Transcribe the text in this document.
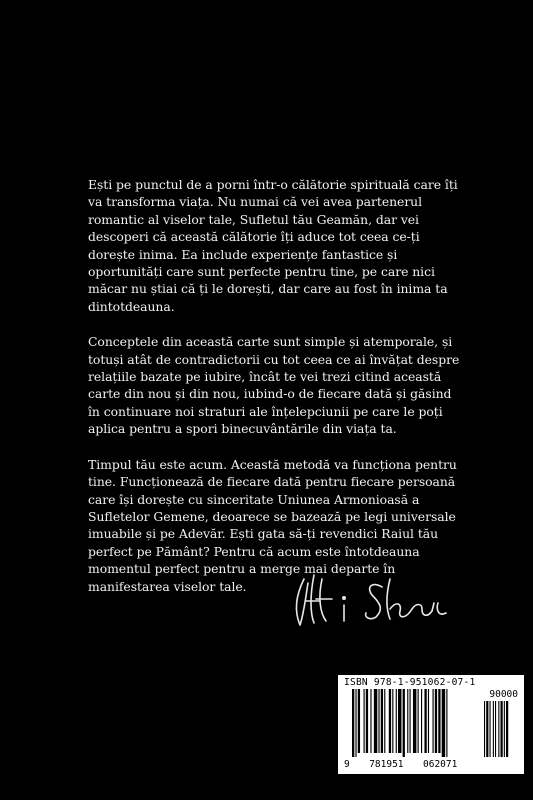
Ești pe punctul de a porni într-o călătorie spirituală care îți va transforma viața. Nu numai că vei avea partenerul romantic al viselor tale, Sufletul tău Geamăn, dar vei descoperi că această călătorie îți aduce tot ceea ce-ți dorește inima. Ea include experiențe fantastice și oportunități care sunt perfecte pentru tine, pe care nici măcar nu știai că ți le dorești, dar care au fost în inima ta dintotdeauna.

Conceptele din această carte sunt simple și atemporale, și totuși atât de contradictorii cu tot ceea ce ai învățat despre relațiile bazate pe iubire, încât te vei trezi citind această carte din nou și din nou, iubind-o de fiecare dată și găsind în continuare noi straturi ale înțelepciunii pe care le poți aplica pentru a spori binecuvântările din viața ta.

Timpul tău este acum. Această metodă va funcționa pentru tine. Funcționează de fiecare dată pentru fiecare persoană care își dorește cu sinceritate Uniunea Armonioasă a Sufletelor Gemene, deoarece se bazează pe legi universale imuabile și pe Adevăr. Ești gata să-ți revendici Raiul tău perfect pe Pământ? Pentru că acum este întotdeauna momentul perfect pentru a merge mai departe în manifestarea viselor tale.

ISBN 978-1-951062-07-1
90000
9 781951 062071
